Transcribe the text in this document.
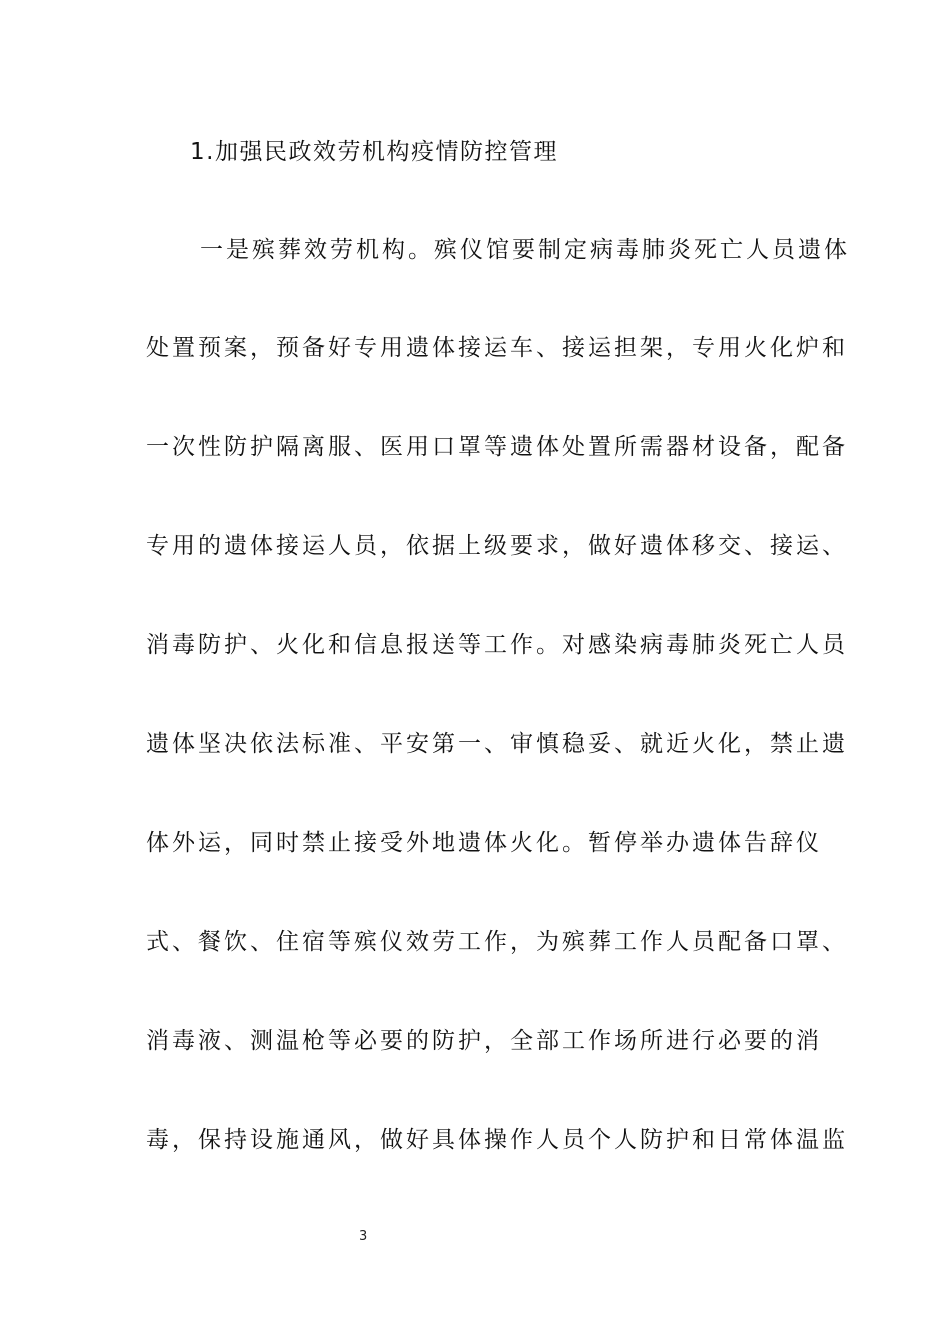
1.加强民政效劳机构疫情防控管理
一是殡葬效劳机构。殡仪馆要制定病毒肺炎死亡人员遗体
处置预案，预备好专用遗体接运车、接运担架，专用火化炉和
一次性防护隔离服、医用口罩等遗体处置所需器材设备，配备
专用的遗体接运人员，依据上级要求，做好遗体移交、接运、
消毒防护、火化和信息报送等工作。对感染病毒肺炎死亡人员
遗体坚决依法标准、平安第一、审慎稳妥、就近火化，禁止遗
体外运，同时禁止接受外地遗体火化。暂停举办遗体告辞仪
式、餐饮、住宿等殡仪效劳工作，为殡葬工作人员配备口罩、
消毒液、测温枪等必要的防护，全部工作场所进行必要的消
毒，保持设施通风，做好具体操作人员个人防护和日常体温监
3
